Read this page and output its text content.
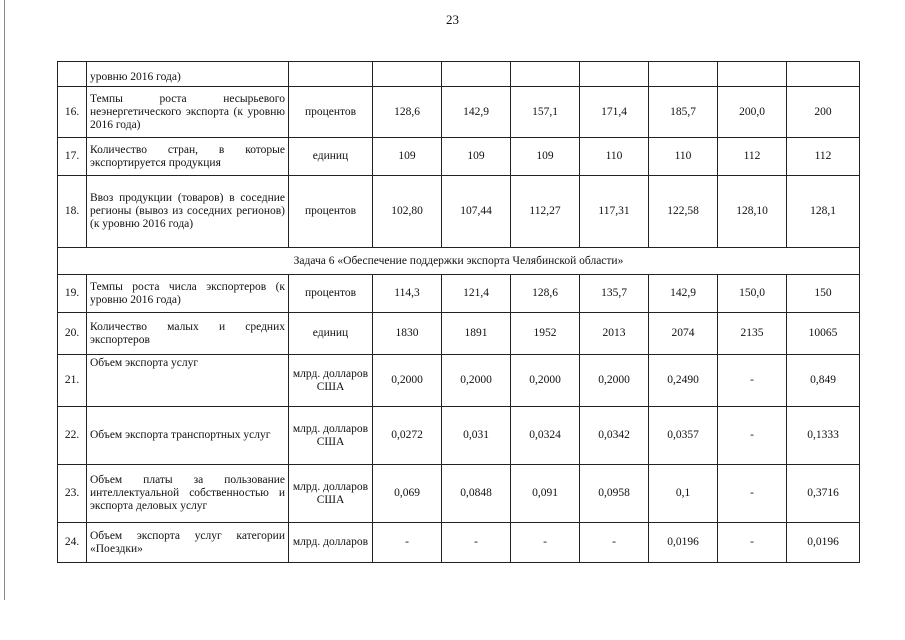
23
	уровню 2016 года)								
16.	Темпы роста несырьевого неэнергетического экспорта (к уровню 2016 года)	процентов	128,6	142,9	157,1	171,4	185,7	200,0	200
17.	Количество стран, в которые экспортируется продукция	единиц	109	109	109	110	110	112	112
18.	Ввоз продукции (товаров) в соседние регионы (вывоз из соседних регионов) (к уровню 2016 года)	процентов	102,80	107,44	112,27	117,31	122,58	128,10	128,1
Задача 6 «Обеспечение поддержки экспорта Челябинской области»									
19.	Темпы роста числа экспортеров (к уровню 2016 года)	процентов	114,3	121,4	128,6	135,7	142,9	150,0	150
20.	Количество малых и средних экспортеров	единиц	1830	1891	1952	2013	2074	2135	10065
21.	Объем экспорта услуг	млрд. долларов США	0,2000	0,2000	0,2000	0,2000	0,2490	-	0,849
22.	Объем экспорта транспортных услуг	млрд. долларов США	0,0272	0,031	0,0324	0,0342	0,0357	-	0,1333
23.	Объем платы за пользование интеллектуальной собственностью и экспорта деловых услуг	млрд. долларов США	0,069	0,0848	0,091	0,0958	0,1	-	0,3716
24.	Объем экспорта услуг категории «Поездки»	млрд. долларов	-	-	-	-	0,0196	-	0,0196
